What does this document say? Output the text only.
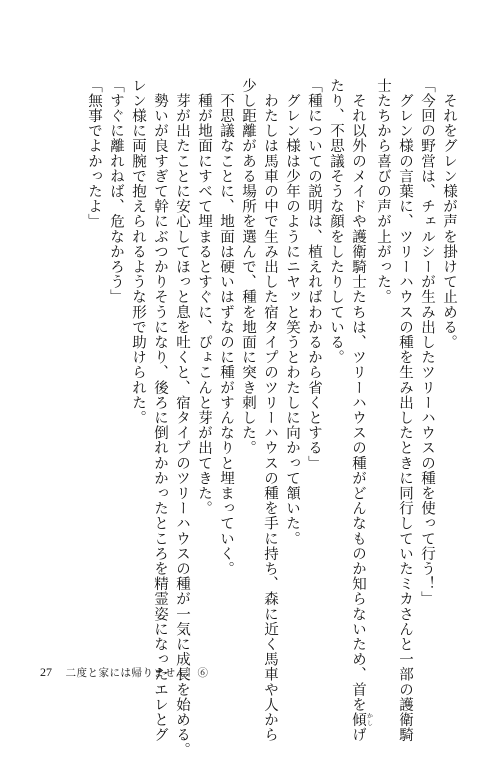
　それをグレン様が声を掛けて止める。

「今回の野営は、チェルシーが生み出したツリーハウスの種を使って行う！」

　グレン様の言葉に、ツリーハウスの種を生み出したときに同行していたミカさんと一部の護衛騎

士たちから喜びの声が上がった。

　それ以外のメイドや護衛騎士たちは、ツリーハウスの種がどんなものか知らないため、首を傾 かしげ

たり、不思議そうな顔をしたりしている。

「種についての説明は、植えればわかるから省くとする」

　グレン様は少年のようにニヤッと笑うとわたしに向かって頷いた。

　わたしは馬車の中で生み出した宿タイプのツリーハウスの種を手に持ち、森に近く馬車や人から

少し距離がある場所を選んで、種を地面に突き刺した。

　不思議なことに、地面は硬いはずなのに種がすんなりと埋まっていく。

　種が地面にすべて埋まるとすぐに、ぴょこんと芽が出てきた。

　芽が出たことに安心してほっと息を吐くと、宿タイプのツリーハウスの種が一気に成長を始める。

　勢いが良すぎて幹にぶつかりそうになり、後ろに倒れかかったところを精霊姿になったエレとグ

レン様に両腕で抱えられるような形で助けられた。

「すぐに離れねば、危なかろう」

「無事でよかったよ」

27 二度と家には帰りません！⑥
